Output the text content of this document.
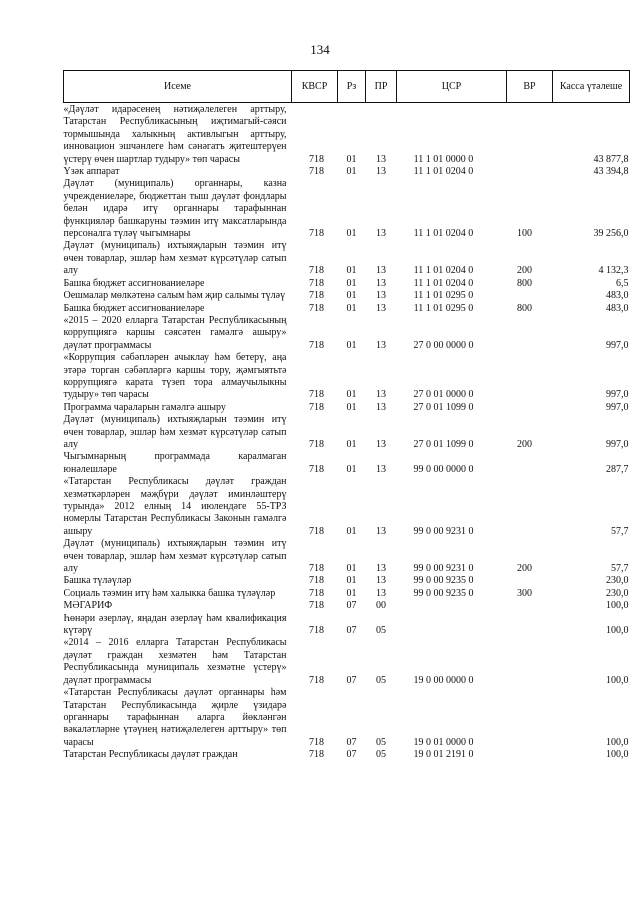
134
Исеме	КВСР	Рз	ПР	ЦСР	ВР	Касса үтәлеше
«Дәүләт идарәсенең нәтиҗәлелеген арттыру, Татарстан Республикасының иҗтимагый-сәяси тормышында халыкның активлыгын арттыру, инновацион эшчәнлеге һәм сәнәгатъ җитештерүен үстерү өчен шартлар тудыру» төп чарасы	718	01	13	11 1 01 0000 0		43 877,8
Үзәк аппарат	718	01	13	11 1 01 0204 0		43 394,8
Дәүләт (муниципаль) органнары, казна учреждениеләре, бюджеттан тыш дәүләт фондлары белән идарә итү органнары тарафыннан функцияләр башкаруны тәэмин итү максатларында персоналга түләү чыгымнары	718	01	13	11 1 01 0204 0	100	39 256,0
Дәүләт (муниципаль) ихтыяҗларын тәэмин итү өчен товарлар, эшләр һәм хезмәт күрсәтүләр сатып алу	718	01	13	11 1 01 0204 0	200	4 132,3
Башка бюджет ассигнованиеләре	718	01	13	11 1 01 0204 0	800	6,5
Оешмалар мөлкәтенә салым һәм җир салымы түләү	718	01	13	11 1 01 0295 0		483,0
Башка бюджет ассигнованиеләре	718	01	13	11 1 01 0295 0	800	483,0
«2015 – 2020 елларга Татарстан Республикасының коррупциягә каршы сәясәтен гамәлгә ашыру» дәүләт программасы	718	01	13	27 0 00 0000 0		997,0
«Коррупция сәбәпләрен ачыклау һәм бетерү, аңа этәрә торган сәбәпләргә каршы тору, җәмгыятьтә коррупциягә карата түзеп тора алмаучылыкны тудыру» төп чарасы	718	01	13	27 0 01 0000 0		997,0
Программа чараларын гамәлгә ашыру	718	01	13	27 0 01 1099 0		997,0
Дәүләт (муниципаль) ихтыяҗларын тәэмин итү өчен товарлар, эшләр һәм хезмәт күрсәтүләр сатып алу	718	01	13	27 0 01 1099 0	200	997,0
Чыгымнарның программада каралмаган юнәлешләре	718	01	13	99 0 00 0000 0		287,7
«Татарстан Республикасы дәүләт граждан хезмәткәрләрен мәҗбүри дәүләт иминләштерү турында» 2012 елның 14 июлендәге 55-ТРЗ номерлы Татарстан Республикасы Законын гамәлгә ашыру	718	01	13	99 0 00 9231 0		57,7
Дәүләт (муниципаль) ихтыяҗларын тәэмин итү өчен товарлар, эшләр һәм хезмәт күрсәтүләр сатып алу	718	01	13	99 0 00 9231 0	200	57,7
Башка түләүләр	718	01	13	99 0 00 9235 0		230,0
Социаль тәэмин итү һәм халыкка башка түләүләр	718	01	13	99 0 00 9235 0	300	230,0
МӘГАРИФ	718	07	00			100,0
Һөнәри әзерләү, яңадан әзерләү һәм квалификация күтәрү	718	07	05			100,0
«2014 – 2016 елларга Татарстан Республикасы дәүләт граждан хезмәтен һәм Татарстан Республикасында муниципаль хезмәтне үстерү» дәүләт программасы	718	07	05	19 0 00 0000 0		100,0
«Татарстан Республикасы дәүләт органнары һәм Татарстан Республикасында җирле үзидарә органнары тарафыннан аларга йөкләнгән вәкаләтләрне үтәүнең нәтиҗәлелеген арттыру» төп чарасы	718	07	05	19 0 01 0000 0		100,0
Татарстан Республикасы дәүләт граждан	718	07	05	19 0 01 2191 0		100,0
